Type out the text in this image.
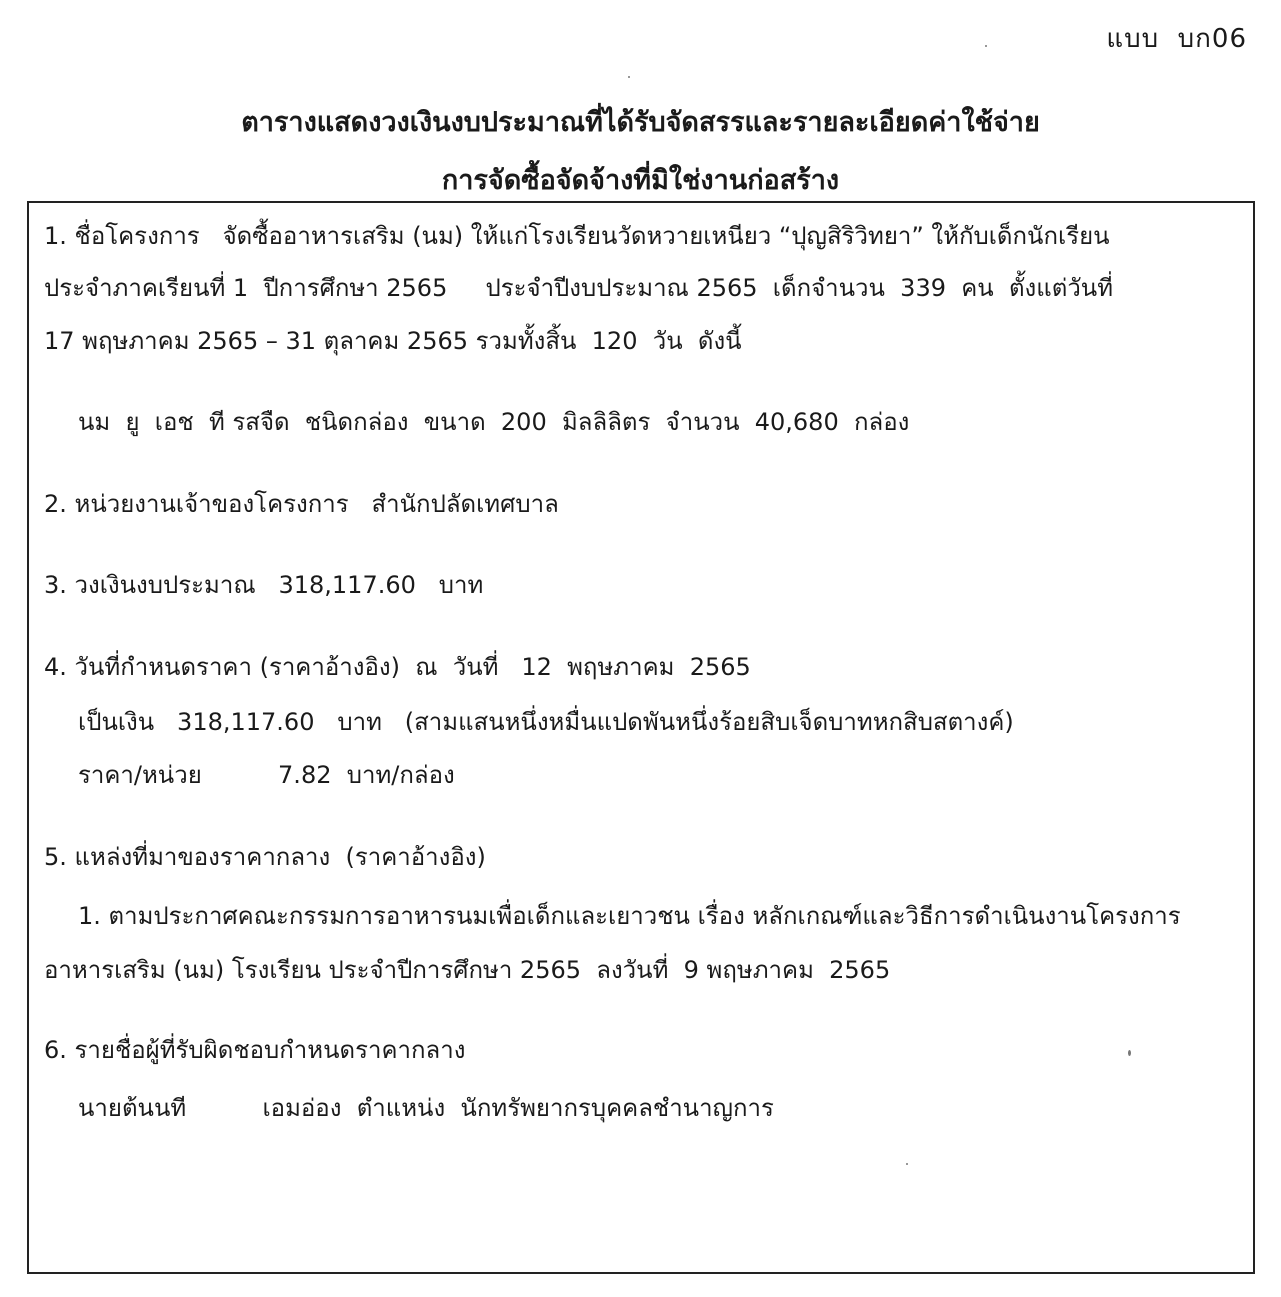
แบบ  บก06
ตารางแสดงวงเงินงบประมาณที่ได้รับจัดสรรและรายละเอียดค่าใช้จ่าย
การจัดซื้อจัดจ้างที่มิใช่งานก่อสร้าง
1. ชื่อโครงการ   จัดซื้ออาหารเสริม (นม) ให้แก่โรงเรียนวัดหวายเหนียว “ปุญสิริวิทยา” ให้กับเด็กนักเรียน
ประจำภาคเรียนที่ 1  ปีการศึกษา 2565     ประจำปีงบประมาณ 2565  เด็กจำนวน  339  คน  ตั้งแต่วันที่
17 พฤษภาคม 2565 – 31 ตุลาคม 2565 รวมทั้งสิ้น  120  วัน  ดังนี้
นม  ยู  เอช  ที รสจืด  ชนิดกล่อง  ขนาด  200  มิลลิลิตร  จำนวน  40,680  กล่อง
2. หน่วยงานเจ้าของโครงการ   สำนักปลัดเทศบาล
3. วงเงินงบประมาณ   318,117.60   บาท
4. วันที่กำหนดราคา (ราคาอ้างอิง)  ณ  วันที่   12  พฤษภาคม  2565
เป็นเงิน   318,117.60   บาท   (สามแสนหนึ่งหมื่นแปดพันหนึ่งร้อยสิบเจ็ดบาทหกสิบสตางค์)
ราคา/หน่วย          7.82  บาท/กล่อง
5. แหล่งที่มาของราคากลาง  (ราคาอ้างอิง)
1. ตามประกาศคณะกรรมการอาหารนมเพื่อเด็กและเยาวชน เรื่อง หลักเกณฑ์และวิธีการดำเนินงานโครงการ
อาหารเสริม (นม) โรงเรียน ประจำปีการศึกษา 2565  ลงวันที่  9 พฤษภาคม  2565
6. รายชื่อผู้ที่รับผิดชอบกำหนดราคากลาง
นายต้นนที          เอมอ่อง  ตำแหน่ง  นักทรัพยากรบุคคลชำนาญการ
